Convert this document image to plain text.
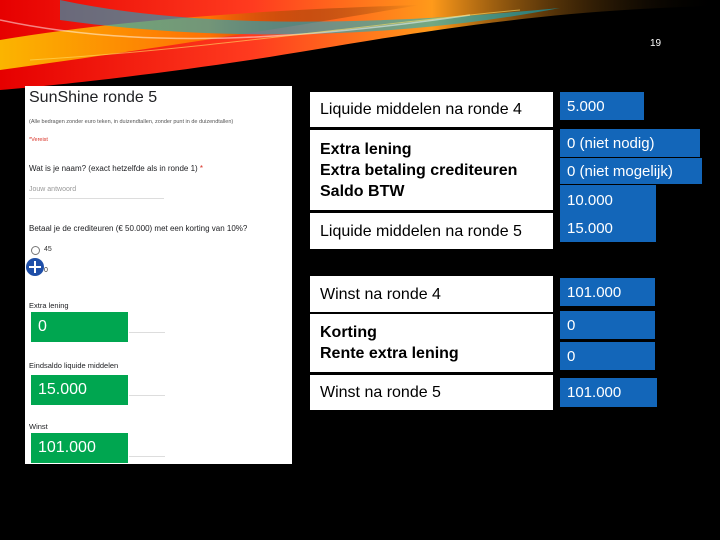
19
SunShine ronde 5
(Alle bedragen zonder euro teken, in duizendtallen, zonder punt in de duizendtallen)
*Vereist
Wat is je naam? (exact hetzelfde als in ronde 1) *
Jouw antwoord
Betaal je de crediteuren (€ 50.000) met een korting van 10%?
45
0
Extra lening
0
Eindsaldo liquide middelen
15.000
Winst
101.000
Liquide middelen na ronde 4
Extra lening
Extra betaling crediteuren
Saldo BTW
Liquide middelen na ronde 5
Winst na ronde 4
Korting
Rente extra lening
Winst na ronde 5
5.000
0 (niet nodig)
0 (niet mogelijk)
10.000
15.000
101.000
0
0
101.000
